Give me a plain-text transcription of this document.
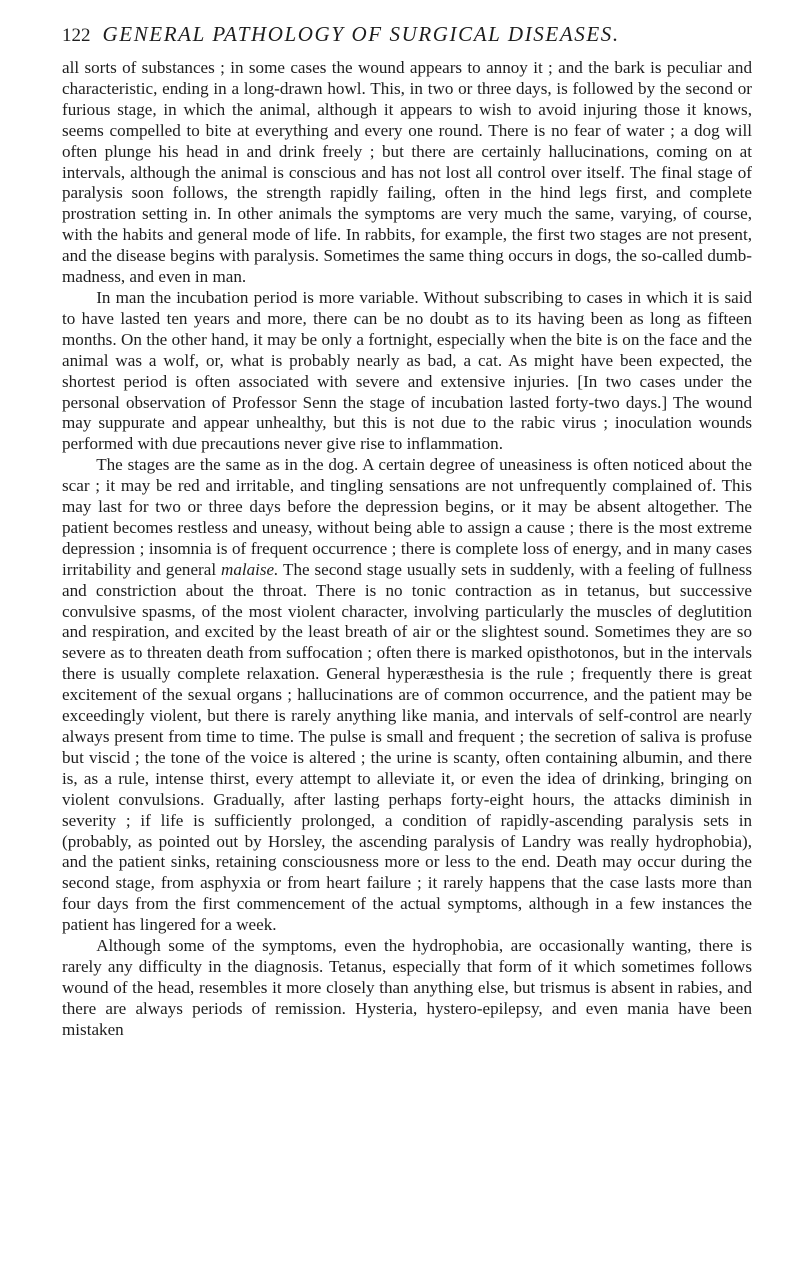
122 GENERAL PATHOLOGY OF SURGICAL DISEASES.

all sorts of substances ; in some cases the wound appears to annoy it ; and the bark is peculiar and characteristic, ending in a long-drawn howl. This, in two or three days, is followed by the second or furious stage, in which the animal, although it appears to wish to avoid injuring those it knows, seems compelled to bite at everything and every one round. There is no fear of water ; a dog will often plunge his head in and drink freely ; but there are certainly hallucinations, coming on at intervals, although the animal is conscious and has not lost all control over itself. The final stage of paralysis soon follows, the strength rapidly failing, often in the hind legs first, and complete prostration setting in. In other animals the symptoms are very much the same, varying, of course, with the habits and general mode of life. In rabbits, for example, the first two stages are not present, and the disease begins with paralysis. Sometimes the same thing occurs in dogs, the so-called dumb-madness, and even in man.

In man the incubation period is more variable. Without subscribing to cases in which it is said to have lasted ten years and more, there can be no doubt as to its having been as long as fifteen months. On the other hand, it may be only a fortnight, especially when the bite is on the face and the animal was a wolf, or, what is probably nearly as bad, a cat. As might have been expected, the shortest period is often associated with severe and extensive injuries. [In two cases under the personal observation of Professor Senn the stage of incubation lasted forty-two days.] The wound may suppurate and appear unhealthy, but this is not due to the rabic virus ; inoculation wounds performed with due precautions never give rise to inflammation.

The stages are the same as in the dog. A certain degree of uneasiness is often noticed about the scar ; it may be red and irritable, and tingling sensations are not unfrequently complained of. This may last for two or three days before the depression begins, or it may be absent altogether. The patient becomes restless and uneasy, without being able to assign a cause ; there is the most extreme depression ; insomnia is of frequent occurrence ; there is complete loss of energy, and in many cases irritability and general malaise. The second stage usually sets in suddenly, with a feeling of fullness and constriction about the throat. There is no tonic contraction as in tetanus, but successive convulsive spasms, of the most violent character, involving particularly the muscles of deglutition and respiration, and excited by the least breath of air or the slightest sound. Sometimes they are so severe as to threaten death from suffocation ; often there is marked opisthotonos, but in the intervals there is usually complete relaxation. General hyperæsthesia is the rule ; frequently there is great excitement of the sexual organs ; hallucinations are of common occurrence, and the patient may be exceedingly violent, but there is rarely anything like mania, and intervals of self-control are nearly always present from time to time. The pulse is small and frequent ; the secretion of saliva is profuse but viscid ; the tone of the voice is altered ; the urine is scanty, often containing albumin, and there is, as a rule, intense thirst, every attempt to alleviate it, or even the idea of drinking, bringing on violent convulsions. Gradually, after lasting perhaps forty-eight hours, the attacks diminish in severity ; if life is sufficiently prolonged, a condition of rapidly-ascending paralysis sets in (probably, as pointed out by Horsley, the ascending paralysis of Landry was really hydrophobia), and the patient sinks, retaining consciousness more or less to the end. Death may occur during the second stage, from asphyxia or from heart failure ; it rarely happens that the case lasts more than four days from the first commencement of the actual symptoms, although in a few instances the patient has lingered for a week.

Although some of the symptoms, even the hydrophobia, are occasionally wanting, there is rarely any difficulty in the diagnosis. Tetanus, especially that form of it which sometimes follows wound of the head, resembles it more closely than anything else, but trismus is absent in rabies, and there are always periods of remission. Hysteria, hystero-epilepsy, and even mania have been mistaken
